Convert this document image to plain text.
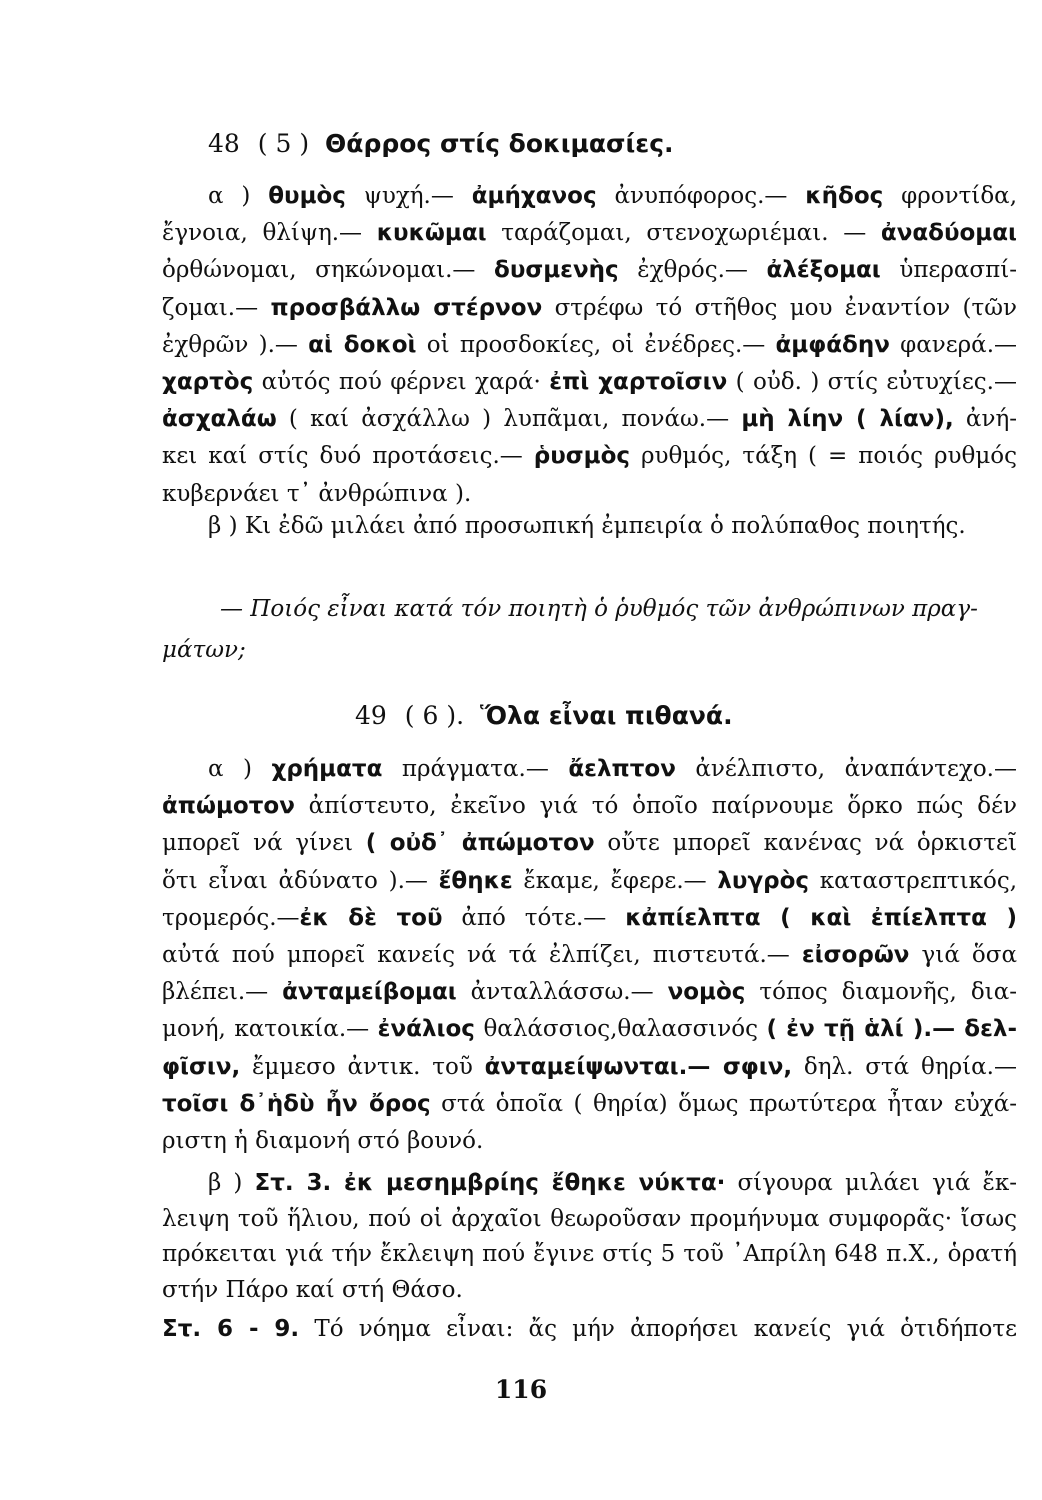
48 ( 5 ) Θάρρος στίς δοκιμασίες.
α ) θυμὸς ψυχή.— ἀμήχανος ἀνυπόφορος.— κῆδος φροντίδα,
ἔγνοια, θλίψη.— κυκῶμαι ταράζομαι, στενοχωριέμαι. — ἀναδύομαι
ὀρθώνομαι, σηκώνομαι.— δυσμενὴς ἐχθρός.— ἀλέξομαι ὑπερασπί-
ζομαι.— προσβάλλω στέρνον στρέφω τό στῆθος μου ἐναντίον (τῶν
ἐχθρῶν ).— αἱ δοκοὶ οἱ προσδοκίες, οἱ ἐνέδρες.— ἀμφάδην φανερά.—
χαρτὸς αὐτός πού φέρνει χαρά· ἐπὶ χαρτοῖσιν ( οὐδ. ) στίς εὐτυχίες.—
ἀσχαλάω ( καί ἀσχάλλω ) λυπᾶμαι, πονάω.— μὴ λίην ( λίαν), ἀνή-
κει καί στίς δυό προτάσεις.— ῥυσμὸς ρυθμός, τάξη ( = ποιός ρυθμός
κυβερνάει τ᾽ ἀνθρώπινα ).
β ) Κι ἐδῶ μιλάει ἀπό προσωπική ἐμπειρία ὁ πολύπαθος ποιητής.
— Ποιός εἶναι κατά τόν ποιητὴ ὁ ῥυθμός τῶν ἀνθρώπινων πραγ-
μάτων;
49 ( 6 ). Ὅλα εἶναι πιθανά.
α ) χρήματα πράγματα.— ἄελπτον ἀνέλπιστο, ἀναπάντεχο.—
ἀπώμοτον ἀπίστευτο, ἐκεῖνο γιά τό ὁποῖο παίρνουμε ὅρκο πώς δέν
μπορεῖ νά γίνει ( οὐδ᾽ ἀπώμοτον οὔτε μπορεῖ κανένας νά ὁρκιστεῖ
ὅτι εἶναι ἀδύνατο ).— ἔθηκε ἔκαμε, ἔφερε.— λυγρὸς καταστρεπτικός,
τρομερός.—ἐκ δὲ τοῦ ἀπό τότε.— κἀπίελπτα ( καὶ ἐπίελπτα )
αὐτά πού μπορεῖ κανείς νά τά ἐλπίζει, πιστευτά.— εἰσορῶν γιά ὅσα
βλέπει.— ἀνταμείβομαι ἀνταλλάσσω.— νομὸς τόπος διαμονῆς, δια-
μονή, κατοικία.— ἐνάλιος θαλάσσιος,θαλασσινός ( ἐν τῇ ἁλί ).— δελ-
φῖσιν, ἔμμεσο ἀντικ. τοῦ ἀνταμείψωνται.— σφιν, δηλ. στά θηρία.—
τοῖσι δ᾽ἡδὺ ἦν ὄρος στά ὁποῖα ( θηρία) ὅμως πρωτύτερα ἦταν εὐχά-
ριστη ἡ διαμονή στό βουνό.
β ) Στ. 3. ἐκ μεσημβρίης ἔθηκε νύκτα· σίγουρα μιλάει γιά ἔκ-
λειψη τοῦ ἥλιου, πού οἱ ἀρχαῖοι θεωροῦσαν προμήνυμα συμφορᾶς· ἴσως
πρόκειται γιά τήν ἔκλειψη πού ἔγινε στίς 5 τοῦ ᾽Απρίλη 648 π.Χ., ὁρατή
στήν Πάρο καί στή Θάσο.
Στ. 6 - 9. Τό νόημα εἶναι: ἄς μήν ἀπορήσει κανείς γιά ὁτιδήποτε
116
